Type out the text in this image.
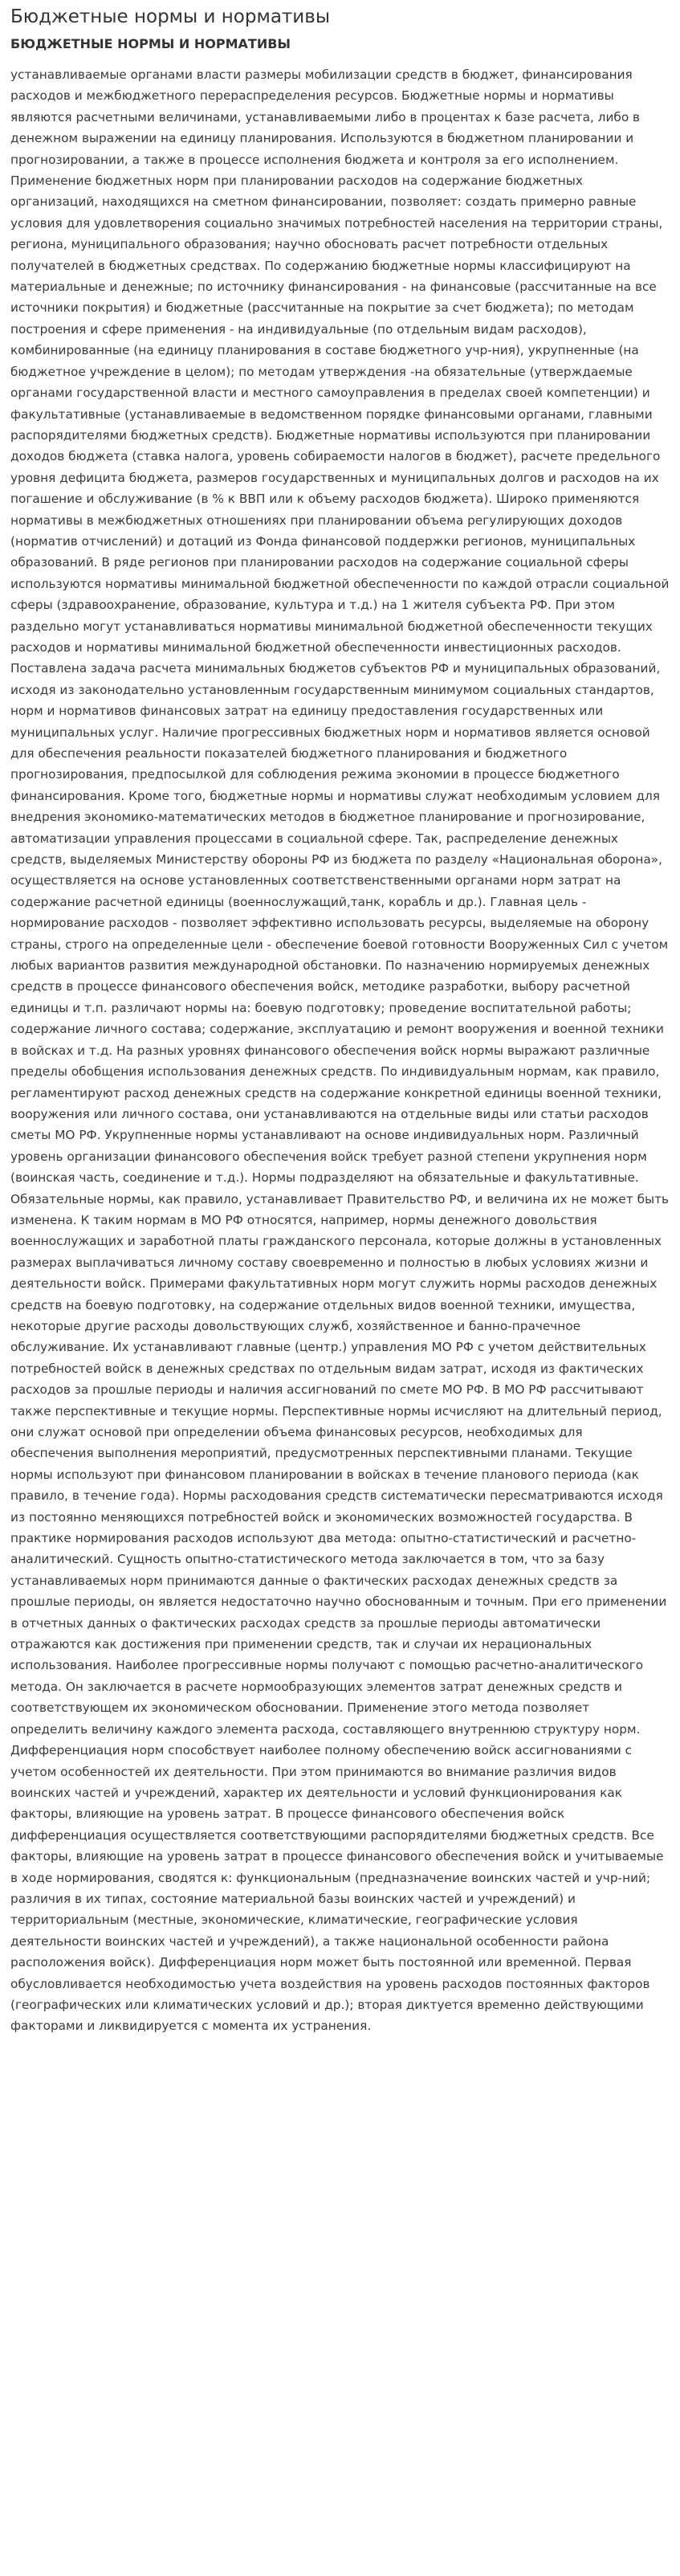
Бюджетные нормы и нормативы
БЮДЖЕТНЫЕ НОРМЫ И НОРМАТИВЫ

устанавливаемые органами власти размеры мобилизации средств в бюджет, финансирования расходов и межбюджетного перераспределения ресурсов. Бюджетные нормы и нормативы являются расчетными величинами, устанавливаемыми либо в процентах к базе расчета, либо в денежном выражении на единицу планирования. Используются в бюджетном планировании и прогнозировании, а также в процессе исполнения бюджета и контроля за его исполнением. Применение бюджетных норм при планировании расходов на содержание бюджетных организаций, находящихся на сметном финансировании, позволяет: создать примерно равные условия для удовлетворения социально значимых потребностей населения на территории страны, региона, муниципального образования; научно обосновать расчет потребности отдельных получателей в бюджетных средствах. По содержанию бюджетные нормы классифицируют на материальные и денежные; по источнику финансирования - на финансовые (рассчитанные на все источники покрытия) и бюджетные (рассчитанные на покрытие за счет бюджета); по методам построения и сфере применения - на индивидуальные (по отдельным видам расходов), комбинированные (на единицу планирования в составе бюджетного учр-ния), укрупненные (на бюджетное учреждение в целом); по методам утверждения -на обязательные (утверждаемые органами государственной власти и местного самоуправления в пределах своей компетенции) и факультативные (устанавливаемые в ведомственном порядке финансовыми органами, главными распорядителями бюджетных средств). Бюджетные нормативы используются при планировании доходов бюджета (ставка налога, уровень собираемости налогов в бюджет), расчете предельного уровня дефицита бюджета, размеров государственных и муниципальных долгов и расходов на их погашение и обслуживание (в % к ВВП или к объему расходов бюджета). Широко применяются нормативы в межбюджетных отношениях при планировании объема регулирующих доходов (норматив отчислений) и дотаций из Фонда финансовой поддержки регионов, муниципальных образований. В ряде регионов при планировании расходов на содержание социальной сферы используются нормативы минимальной бюджетной обеспеченности по каждой отрасли социальной сферы (здравоохранение, образование, культура и т.д.) на 1 жителя субъекта РФ. При этом раздельно могут устанавливаться нормативы минимальной бюджетной обеспеченности текущих расходов и нормативы минимальной бюджетной обеспеченности инвестиционных расходов. Поставлена задача расчета минимальных бюджетов субъектов РФ и муниципальных образований, исходя из законодательно установленным государственным минимумом социальных стандартов, норм и нормативов финансовых затрат на единицу предоставления государственных или муниципальных услуг. Наличие прогрессивных бюджетных норм и нормативов является основой для обеспечения реальности показателей бюджетного планирования и бюджетного прогнозирования, предпосылкой для соблюдения режима экономии в процессе бюджетного финансирования. Кроме того, бюджетные нормы и нормативы служат необходимым условием для внедрения экономико-математических методов в бюджетное планирование и прогнозирование, автоматизации управления процессами в социальной сфере. Так, распределение денежных средств, выделяемых Министерству обороны РФ из бюджета по разделу «Национальная оборона», осуществляется на основе установленных соответственственными органами норм затрат на содержание расчетной единицы (военнослужащий,танк, корабль и др.). Главная цель - нормирование расходов - позволяет эффективно использовать ресурсы, выделяемые на оборону страны, строго на определенные цели - обеспечение боевой готовности Вооруженных Сил с учетом любых вариантов развития международной обстановки. По назначению нормируемых денежных средств в процессе финансового обеспечения войск, методике разработки, выбору расчетной единицы и т.п. различают нормы на: боевую подготовку; проведение воспитательной работы; содержание личного состава; содержание, эксплуатацию и ремонт вооружения и военной техники в войсках и т.д. На разных уровнях финансового обеспечения войск нормы выражают различные пределы обобщения использования денежных средств. По индивидуальным нормам, как правило, регламентируют расход денежных средств на содержание конкретной единицы военной техники, вооружения или личного состава, они устанавливаются на отдельные виды или статьи расходов сметы МО РФ. Укрупненные нормы устанавливают на основе индивидуальных норм. Различный уровень организации финансового обеспечения войск требует разной степени укрупнения норм (воинская часть, соединение и т.д.). Нормы подразделяют на обязательные и факультативные. Обязательные нормы, как правило, устанавливает Правительство РФ, и величина их не может быть изменена. К таким нормам в МО РФ относятся, например, нормы денежного довольствия военнослужащих и заработной платы гражданского персонала, которые должны в установленных размерах выплачиваться личному составу своевременно и полностью в любых условиях жизни и деятельности войск. Примерами факультативных норм могут служить нормы расходов денежных средств на боевую подготовку, на содержание отдельных видов военной техники, имущества, некоторые другие расходы довольствующих служб, хозяйственное и банно-прачечное обслуживание. Их устанавливают главные (центр.) управления МО РФ с учетом действительных потребностей войск в денежных средствах по отдельным видам затрат, исходя из фактических расходов за прошлые периоды и наличия ассигнований по смете МО РФ. В МО РФ рассчитывают также перспективные и текущие нормы. Перспективные нормы исчисляют на длительный период, они служат основой при определении объема финансовых ресурсов, необходимых для обеспечения выполнения мероприятий, предусмотренных перспективными планами. Текущие нормы используют при финансовом планировании в войсках в течение планового периода (как правило, в течение года). Нормы расходования средств систематически пересматриваются исходя из постоянно меняющихся потребностей войск и экономических возможностей государства. В практике нормирования расходов используют два метода: опытно-статистический и расчетно-аналитический. Сущность опытно-статистического метода заключается в том, что за базу устанавливаемых норм принимаются данные о фактических расходах денежных средств за прошлые периоды, он является недостаточно научно обоснованным и точным. При его применении в отчетных данных о фактических расходах средств за прошлые периоды автоматически отражаются как достижения при применении средств, так и случаи их нерациональных использования. Наиболее прогрессивные нормы получают с помощью расчетно-аналитического метода. Он заключается в расчете нормообразующих элементов затрат денежных средств и соответствующем их экономическом обосновании. Применение этого метода позволяет определить величину каждого элемента расхода, составляющего внутреннюю структуру норм. Дифференциация норм способствует наиболее полному обеспечению войск ассигнованиями с учетом особенностей их деятельности. При этом принимаются во внимание различия видов воинских частей и учреждений, характер их деятельности и условий функционирования как факторы, влияющие на уровень затрат. В процессе финансового обеспечения войск дифференциация осуществляется соответствующими распорядителями бюджетных средств. Все факторы, влияющие на уровень затрат в процессе финансового обеспечения войск и учитываемые в ходе нормирования, сводятся к: функциональным (предназначение воинских частей и учр-ний; различия в их типах, состояние материальной базы воинских частей и учреждений) и территориальным (местные, экономические, климатические, географические условия деятельности воинских частей и учреждений), а также национальной особенности района расположения войск). Дифференциация норм может быть постоянной или временной. Первая обусловливается необходимостью учета воздействия на уровень расходов постоянных факторов (географических или климатических условий и др.); вторая диктуется временно действующими факторами и ликвидируется с момента их устранения.
